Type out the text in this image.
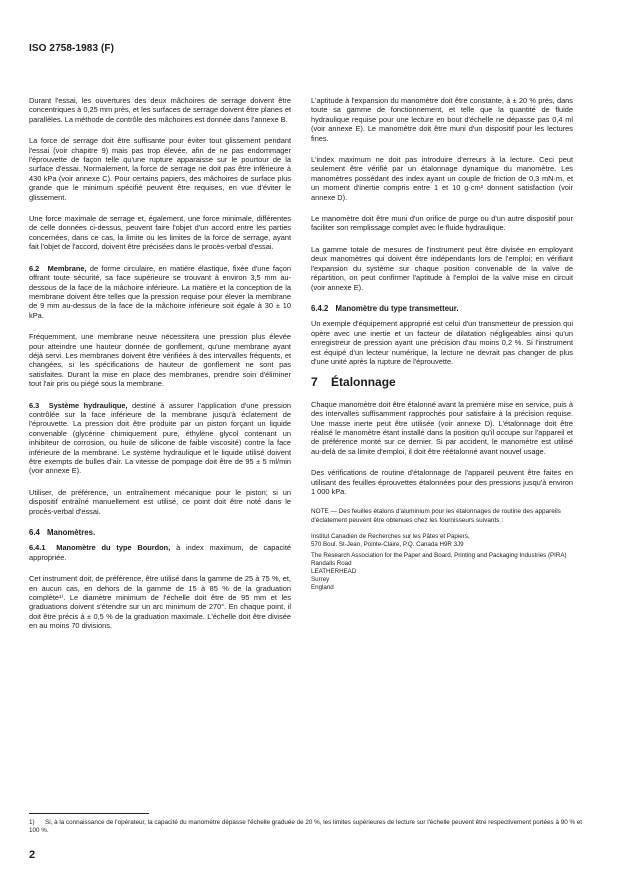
ISO 2758-1983 (F)

Durant l'essai, les ouvertures des deux mâchoires de serrage doivent être concentriques à 0,25 mm près, et les surfaces de serrage doivent être planes et parallèles. La méthode de contrôle des mâchoires est donnée dans l'annexe B.

La force de serrage doit être suffisante pour éviter tout glissement pendant l'essai (voir chapitre 9) mais pas trop élevée, afin de ne pas endommager l'éprouvette de façon telle qu'une rupture apparaisse sur le pourtour de la surface d'essai. Normalement, la force de serrage ne doit pas être inférieure à 430 kPa (voir annexe C). Pour certains papiers, des mâchoires de surface plus grande que le minimum spécifié peuvent être requises, en vue d'éviter le glissement.

Une force maximale de serrage et, également, une force minimale, différentes de celle données ci-dessus, peuvent faire l'objet d'un accord entre les parties concernées, dans ce cas, la limite ou les limites de la force de serrage, ayant fait l'objet de l'accord, doivent être précisées dans le procès-verbal d'essai.

6.2 Membrane, de forme circulaire, en matière élastique, fixée d'une façon offrant toute sécurité, sa face supérieure se trouvant à environ 3,5 mm au-dessous de la face de la mâchoire inférieure. La matière et la conception de la membrane doivent être telles que la pression requise pour élever la membrane de 9 mm au-dessus de la face de la mâchoire inférieure soit égale à 30 ± 10 kPa.

Fréquemment, une membrane neuve nécessitera une pression plus élevée pour atteindre une hauteur donnée de gonflement, qu'une membrane ayant déjà servi. Les membranes doivent être vérifiées à des intervalles fréquents, et changées, si les spécifications de hauteur de gonflement ne sont pas satisfaites. Durant la mise en place des membranes, prendre soin d'éliminer tout l'air pris ou piégé sous la membrane.

6.3 Système hydraulique, destiné à assurer l'application d'une pression contrôlée sur la face inférieure de la membrane jusqu'à éclatement de l'éprouvette. La pression doit être produite par un piston forçant un liquide convenable (glycérine chimiquement pure, éthylène glycol contenant un inhibiteur de corrosion, ou huile de silicone de faible viscosité) contre la face inférieure de la membrane. Le système hydraulique et le liquide utilisé doivent être exempts de bulles d'air. La vitesse de pompage doit être de 95 ± 5 ml/min (voir annexe E).

Utiliser, de préférence, un entraînement mécanique pour le piston; si un dispositif entraîné manuellement est utilisé, ce point doit être noté dans le procès-verbal d'essai.

6.4 Manomètres.

6.4.1 Manomètre du type Bourdon, à index maximum, de capacité appropriée.

Cet instrument doit, de préférence, être utilisé dans la gamme de 25 à 75 %, et, en aucun cas, en dehors de la gamme de 15 à 85 % de la graduation complète¹⁾. Le diamètre minimum de l'échelle doit être de 95 mm et les graduations doivent s'étendre sur un arc minimum de 270°. En chaque point, il doit être précis à ± 0,5 % de la graduation maximale. L'échelle doit être divisée en au moins 70 divisions.

L'aptitude à l'expansion du manomètre doit être constante, à ± 20 % près, dans toute sa gamme de fonctionnement, et telle que la quantité de fluide hydraulique requise pour une lecture en bout d'échelle ne dépasse pas 0,4 ml (voir annexe E). Le manomètre doit être muni d'un dispositif pour les lectures fines.

L'index maximum ne doit pas introduire d'erreurs à la lecture. Ceci peut seulement être vérifié par un étalonnage dynamique du manomètre. Les manomètres possédant des index ayant un couple de friction de 0,3 mN·m, et un moment d'inertie compris entre 1 et 10 g·cm² donnent satisfaction (voir annexe D).

Le manomètre doit être muni d'un orifice de purge ou d'un autre dispositif pour faciliter son remplissage complet avec le fluide hydraulique.

La gamme totale de mesures de l'instrument peut être divisée en employant deux manomètres qui doivent être indépendants lors de l'emploi; en vérifiant l'expansion du système sur chaque position convenable de la valve de répartition, on peut confirmer l'aptitude à l'emploi de la valve mise en circuit (voir annexe E).

6.4.2 Manomètre du type transmetteur.

Un exemple d'équipement approprié est celui d'un transmetteur de pression qui opère avec une inertie et un facteur de dilatation négligeables ainsi qu'un enregistreur de pression ayant une précision d'au moins 0,2 %. Si l'instrument est équipé d'un lecteur numérique, la lecture ne devrait pas changer de plus d'une unité après la rupture de l'éprouvette.

7 Étalonnage

Chaque manomètre doit être étalonné avant la première mise en service, puis à des intervalles suffisamment rapprochés pour satisfaire à la précision requise. Une masse inerte peut être utilisée (voir annexe D). L'étalonnage doit être réalisé le manomètre étant installé dans la position qu'il occupe sur l'appareil et de préférence monté sur ce dernier. Si par accident, le manomètre est utilisé au-delà de sa limite d'emploi, il doit être réétalonné avant nouvel usage.

Des vérifications de routine d'étalonnage de l'appareil peuvent être faites en utilisant des feuilles éprouvettes étalonnées pour des pressions jusqu'à environ 1 000 kPa.

NOTE — Des feuilles étalons d'aluminium pour les étalonnages de routine des appareils d'éclatement peuvent être obtenues chez les fournisseurs suivants :

Institut Canadien de Recherches sur les Pâtes et Papiers,
570 Boul. St-Jean, Pointe-Claire, P.Q. Canada H9R 3J9
The Research Association for the Paper and Board, Printing and Packaging Industries (PIRA)
Randalls Road
LEATHERHEAD
Surrey
England
1) Si, à la connaissance de l'opérateur, la capacité du manomètre dépasse l'échelle graduée de 20 %, les limites supérieures de lecture sur l'échelle peuvent être respectivement portées à 90 % et 100 %.
2
